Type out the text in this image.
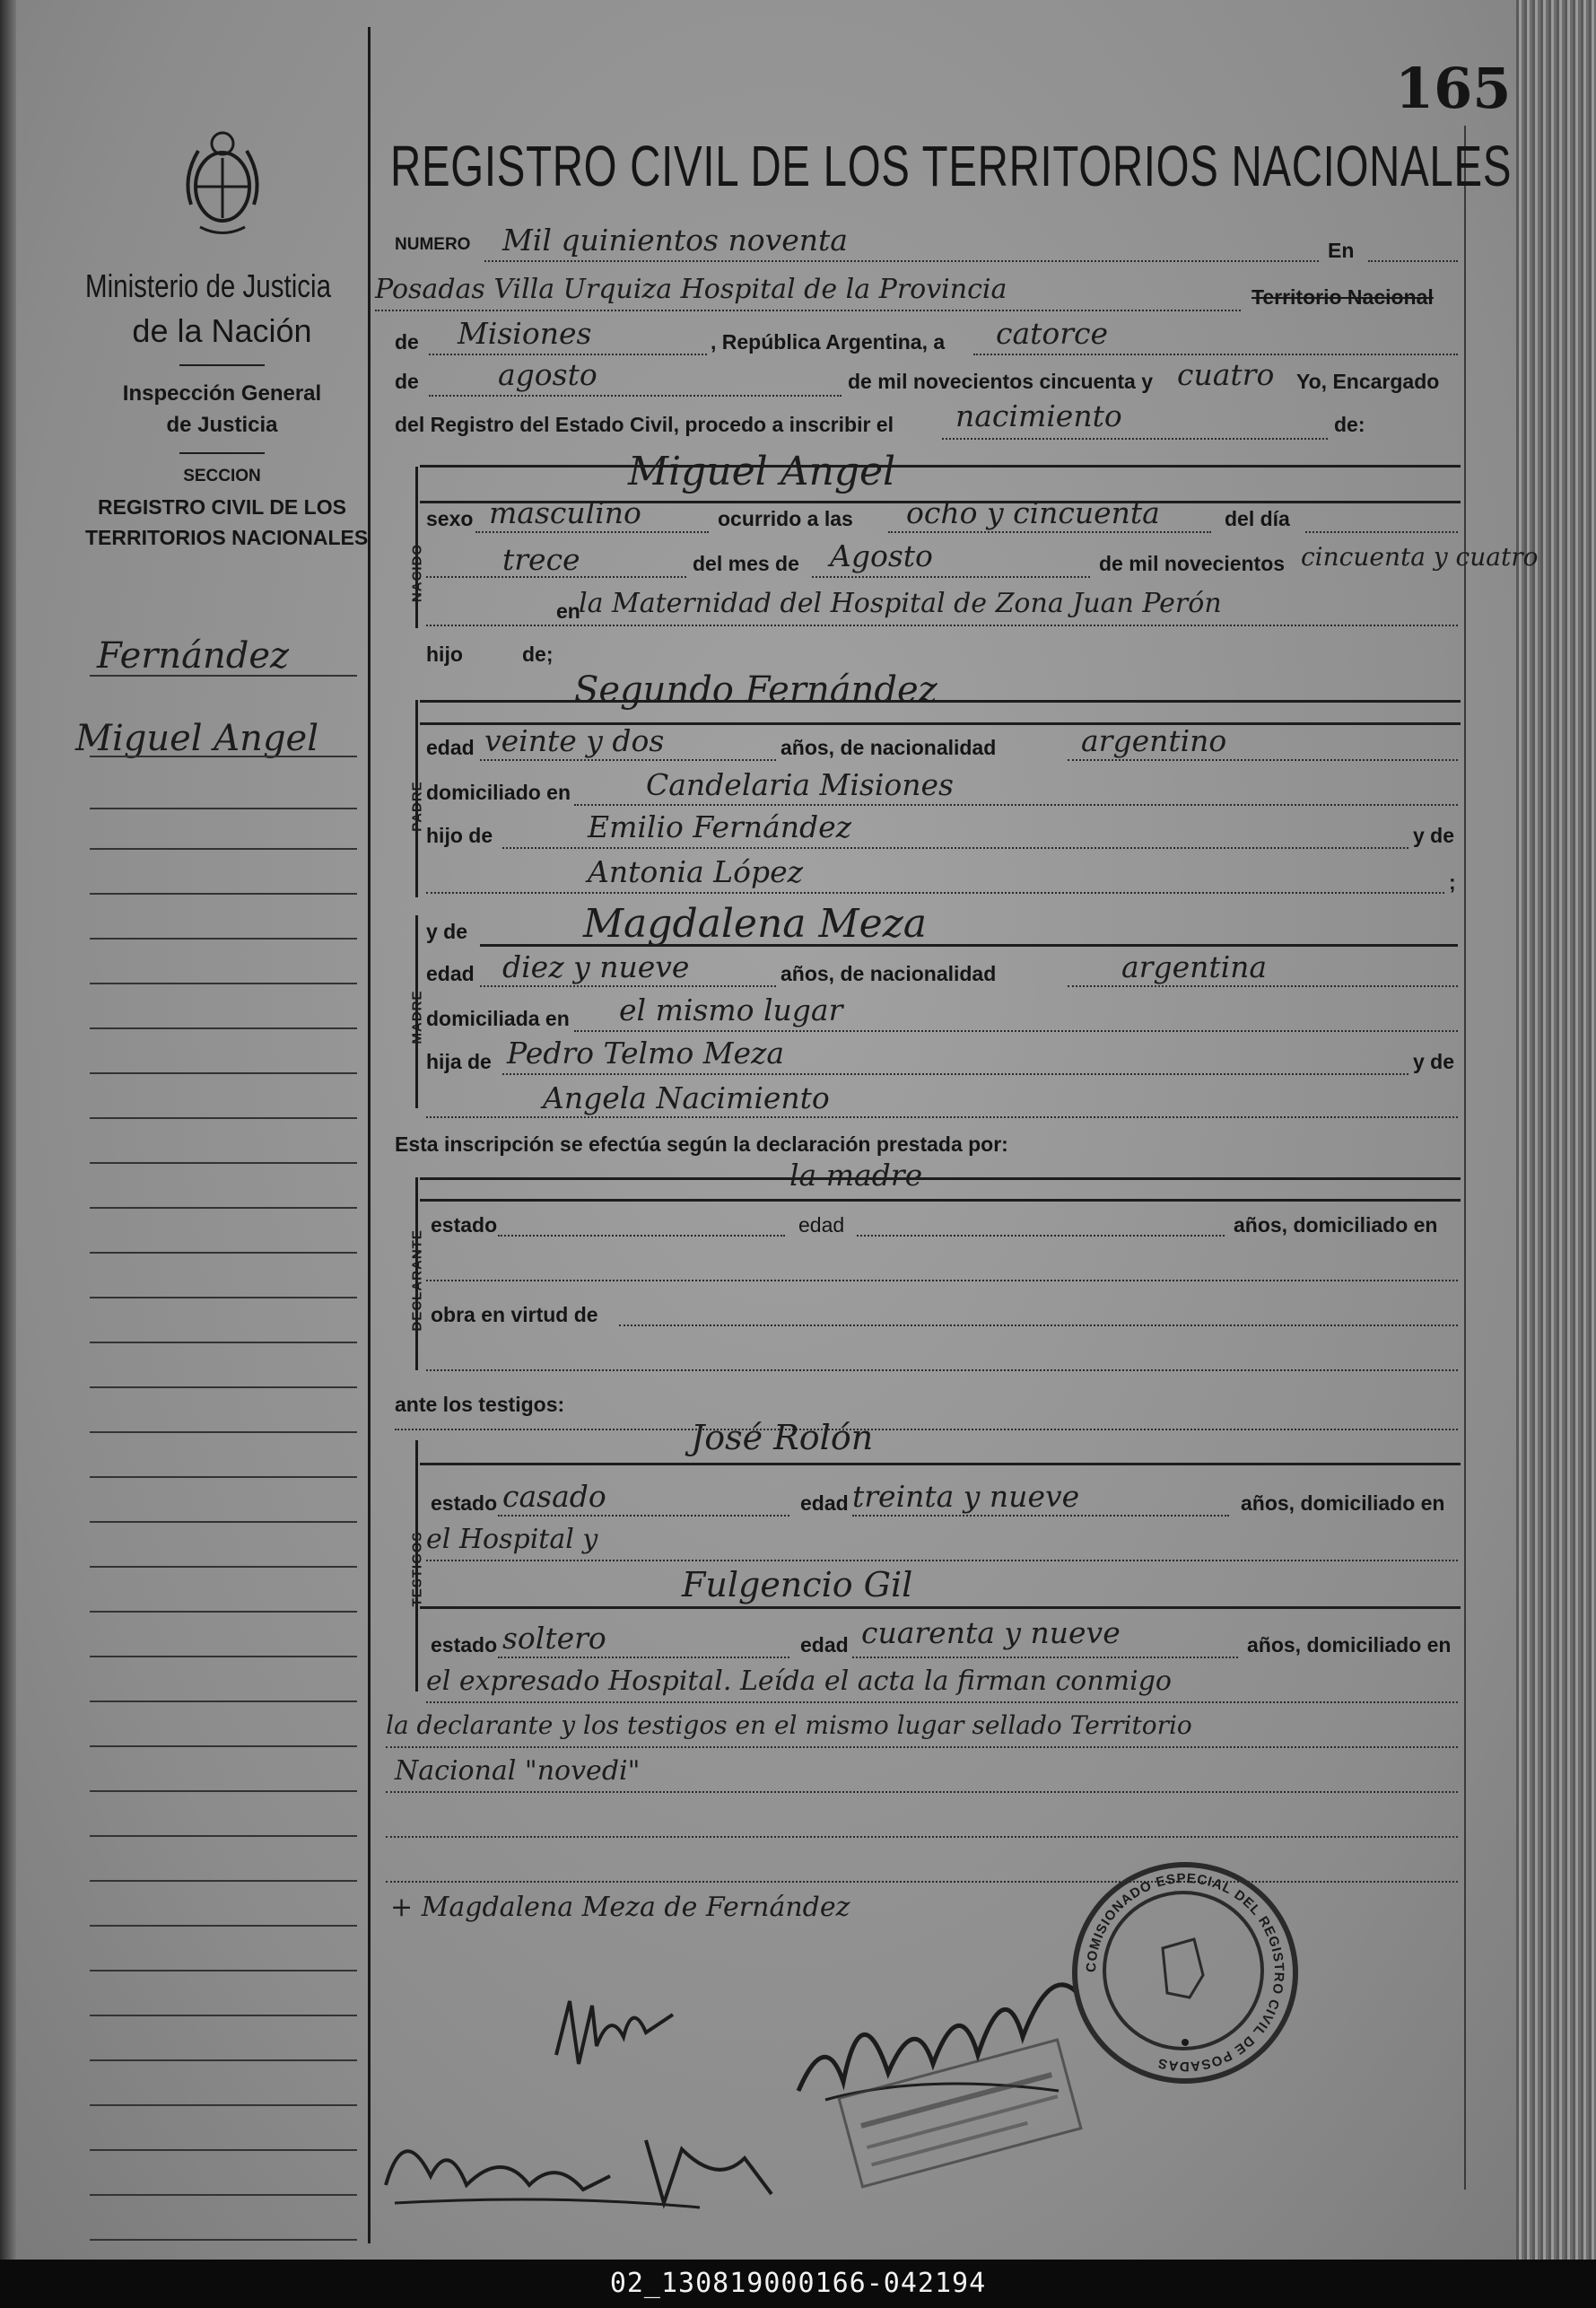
165
Ministerio de Justicia
de la Nación
Inspección General
de Justicia
SECCION
REGISTRO CIVIL DE LOS
TERRITORIOS NACIONALES
Fernández
Miguel Angel
REGISTRO CIVIL DE LOS TERRITORIOS NACIONALES
NUMERO Mil quinientos noventa	En
Posadas Villa Urquiza Hospital de la Provincia	Territorio Nacional
de Misiones	, República Argentina, a catorce
de	agosto	de mil novecientos cincuenta y cuatro Yo, Encargado
del Registro del Estado Civil, procedo a inscribir el nacimiento	de:
NACIDO
Miguel Angel
sexo masculino	ocurrido a las ocho y cincuenta	del día
trece	del mes de Agosto	de mil novecientos cincuenta y cuatro
en
la Maternidad del Hospital de Zona Juan Perón
hijo	de;
PADRE
Segundo Fernández
edad veinte y dos	años, de nacionalidad	argentino
domiciliado en	Candelaria Misiones
hijo de	Emilio Fernández	y de
Antonia López	;
MADRE
y de	Magdalena Meza
edad diez y nueve	años, de nacionalidad	argentina
domiciliada en el mismo lugar
hija de Pedro Telmo Meza	y de
Angela Nacimiento
Esta inscripción se efectúa según la declaración prestada por:
la madre
DECLARANTE
estado	edad	años, domiciliado en
obra en virtud de
ante los testigos:
TESTIGOS
José Rolón
estado casado	edad treinta y nueve	años, domiciliado en
el Hospital y
Fulgencio Gil
estado soltero	edad cuarenta y nueve	años, domiciliado en
el expresado Hospital. Leída el acta la firman conmigo
la declarante y los testigos en el mismo lugar sellado Territorio
Nacional "novedi"
+ Magdalena Meza de Fernández
COMISIONADO ESPECIAL DEL REGISTRO CIVIL DE POSADAS
02_130819000166-042194
